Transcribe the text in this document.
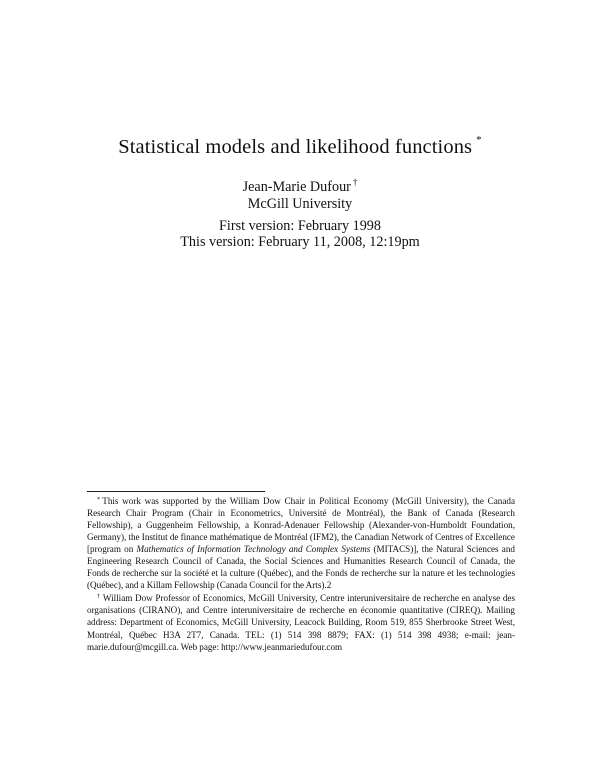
Statistical models and likelihood functions *
Jean-Marie Dufour †
McGill University
First version: February 1998
This version: February 11, 2008, 12:19pm

* This work was supported by the William Dow Chair in Political Economy (McGill University), the Canada Research Chair Program (Chair in Econometrics, Université de Montréal), the Bank of Canada (Research Fellowship), a Guggenheim Fellowship, a Konrad-Adenauer Fellowship (Alexander-von-Humboldt Foundation, Germany), the Institut de finance mathématique de Montréal (IFM2), the Canadian Network of Centres of Excellence [program on Mathematics of Information Technology and Complex Systems (MITACS)], the Natural Sciences and Engineering Research Council of Canada, the Social Sciences and Humanities Research Council of Canada, the Fonds de recherche sur la société et la culture (Québec), and the Fonds de recherche sur la nature et les technologies (Québec), and a Killam Fellowship (Canada Council for the Arts).2

† William Dow Professor of Economics, McGill University, Centre interuniversitaire de recherche en analyse des organisations (CIRANO), and Centre interuniversitaire de recherche en économie quantitative (CIREQ). Mailing address: Department of Economics, McGill University, Leacock Building, Room 519, 855 Sherbrooke Street West, Montréal, Québec H3A 2T7, Canada. TEL: (1) 514 398 8879; FAX: (1) 514 398 4938; e-mail: jean-marie.dufour@mcgill.ca. Web page: http://www.jeanmariedufour.com
